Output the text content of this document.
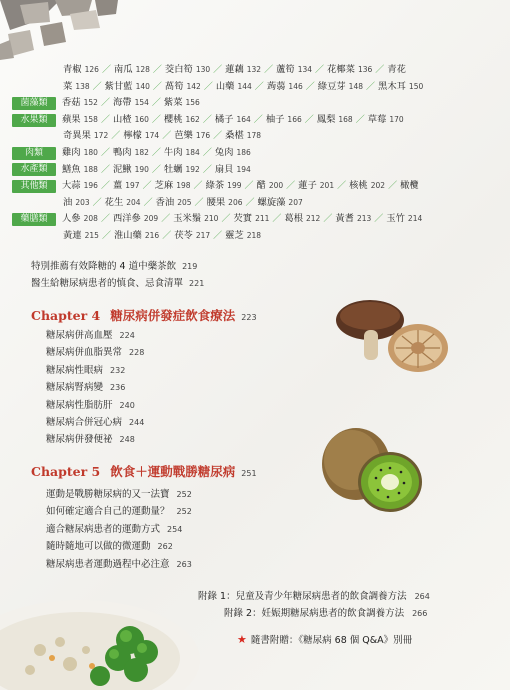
青椒 126 ／ 南瓜 128 ／ 茭白筍 130 ／ 蓮藕 132 ／ 蘆筍 134 ／ 花椰菜 136 ／ 青花
菜 138 ／ 紫甘藍 140 ／ 萵筍 142 ／ 山藥 144 ／ 蒟蒻 146 ／ 綠豆芽 148 ／ 黑木耳 150
菌藻類	香菇 152 ／ 海帶 154 ／ 紫菜 156
水果類	蘋果 158 ／ 山楂 160 ／ 櫻桃 162 ／ 橘子 164 ／ 柚子 166 ／ 鳳梨 168 ／ 草莓 170
奇異果 172 ／ 檸檬 174 ／ 芭樂 176 ／ 桑椹 178
肉類	雞肉 180 ／ 鴨肉 182 ／ 牛肉 184 ／ 兔肉 186
水產類	鱔魚 188 ／ 泥鰍 190 ／ 牡蠣 192 ／ 扇貝 194
其他類	大蒜 196 ／ 薑 197 ／ 芝麻 198 ／ 綠茶 199 ／ 醋 200 ／ 蓮子 201 ／ 核桃 202 ／ 橄欖
油 203 ／ 花生 204 ／ 香油 205 ／ 腰果 206 ／ 螺旋藻 207
藥膳類	人參 208 ／ 西洋參 209 ／ 玉米鬚 210 ／ 芡實 211 ／ 葛根 212 ／ 黃耆 213 ／ 玉竹 214
黃連 215 ／ 淮山藥 216 ／ 茯苓 217 ／ 靈芝 218
特別推薦有效降糖的 4 道中藥茶飲 219
醫生給糖尿病患者的慎食、忌食清單 221
Chapter 4 糖尿病併發症飲食療法 223
糖尿病併高血壓 224
糖尿病併血脂異常 228
糖尿病性眼病 232
糖尿病腎病變 236
糖尿病性脂肪肝 240
糖尿病合併冠心病 244
糖尿病併發便祕 248
Chapter 5 飲食＋運動戰勝糖尿病 251
運動是戰勝糖尿病的又一法寶 252
如何確定適合自己的運動量？ 252
適合糖尿病患者的運動方式 254
隨時隨地可以做的微運動 262
糖尿病患者運動過程中必注意 263
附錄 1：兒童及青少年糖尿病患者的飲食調養方法 264
附錄 2：妊娠期糖尿病患者的飲食調養方法 266
★ 隨書附贈：《糖尿病 68 個 Q&A》別冊
